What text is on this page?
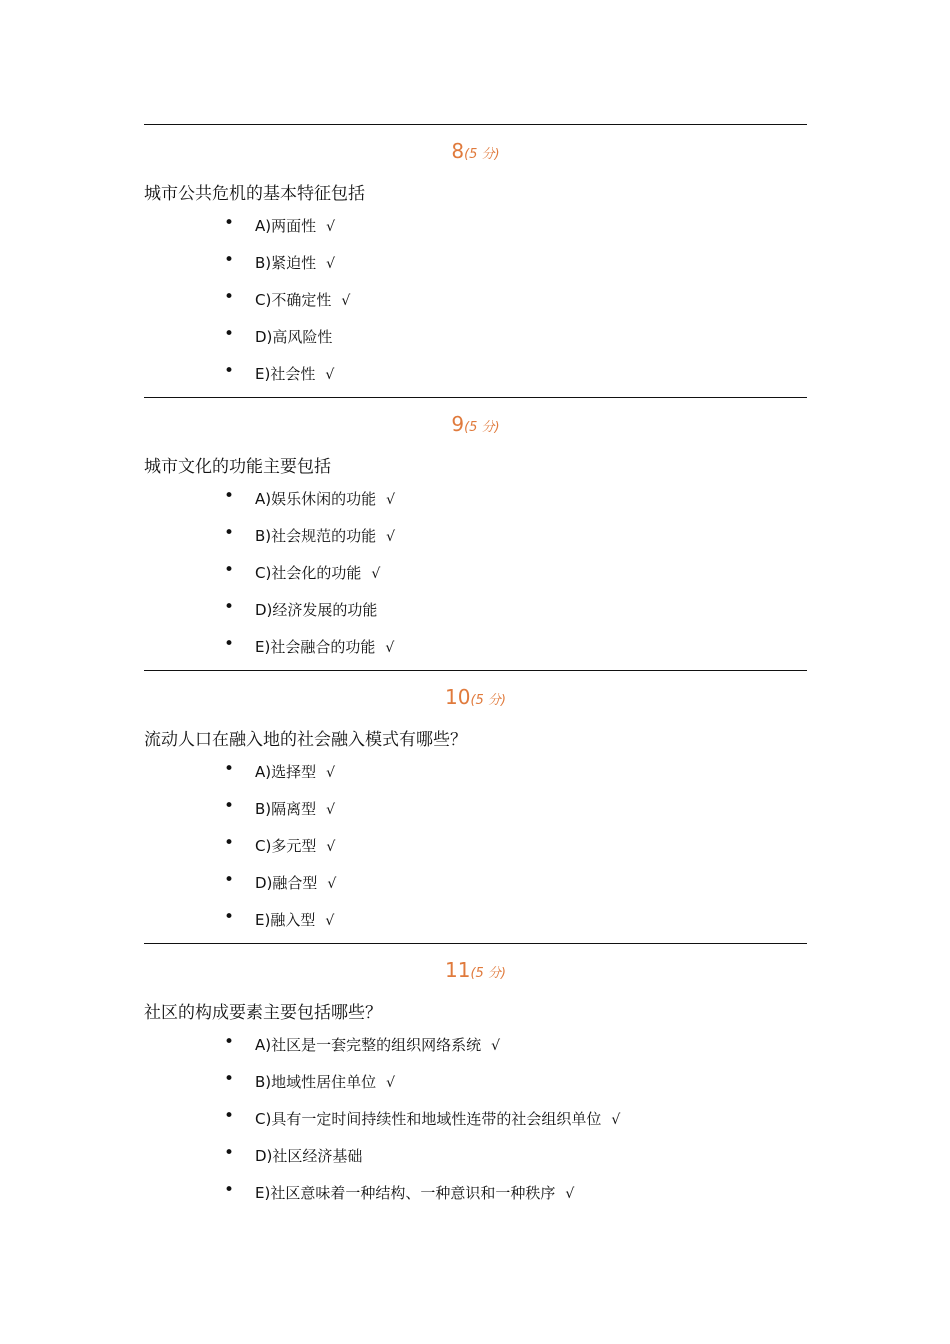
8(5 分)
城市公共危机的基本特征包括
• A)两面性 √
• B)紧迫性 √
• C)不确定性 √
• D)高风险性
• E)社会性 √
9(5 分)
城市文化的功能主要包括
• A)娱乐休闲的功能 √
• B)社会规范的功能 √
• C)社会化的功能 √
• D)经济发展的功能
• E)社会融合的功能 √
10(5 分)
流动人口在融入地的社会融入模式有哪些？
• A)选择型 √
• B)隔离型 √
• C)多元型 √
• D)融合型 √
• E)融入型 √
11(5 分)
社区的构成要素主要包括哪些？
• A)社区是一套完整的组织网络系统 √
• B)地域性居住单位 √
• C)具有一定时间持续性和地域性连带的社会组织单位 √
• D)社区经济基础
• E)社区意味着一种结构、一种意识和一种秩序 √
